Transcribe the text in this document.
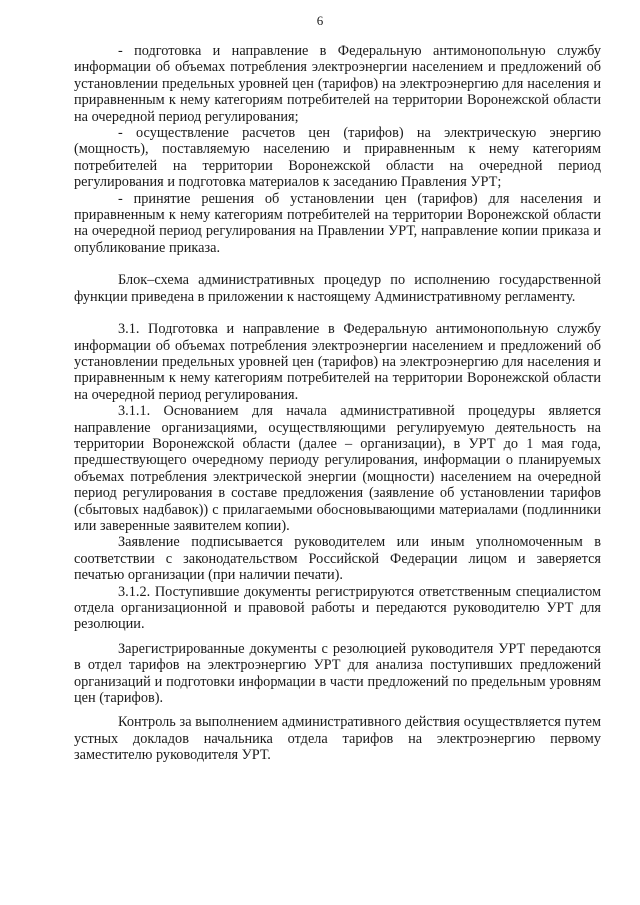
6

- подготовка и направление в Федеральную антимонопольную службу информации об объемах потребления электроэнергии населением и предложений об установлении предельных уровней цен (тарифов) на электроэнергию для населения и приравненным к нему категориям потребителей на территории Воронежской области на очередной период регулирования;

- осуществление расчетов цен (тарифов) на электрическую энергию (мощность), поставляемую населению и приравненным к нему категориям потребителей на территории Воронежской области на очередной период регулирования и подготовка материалов к заседанию Правления УРТ;

- принятие решения об установлении цен (тарифов) для населения и приравненным к нему категориям потребителей на территории Воронежской области на очередной период регулирования на Правлении УРТ, направление копии приказа и опубликование приказа.

Блок–схема административных процедур по исполнению государственной функции приведена в приложении к настоящему Административному регламенту.

3.1. Подготовка и направление в Федеральную антимонопольную службу информации об объемах потребления электроэнергии населением и предложений об установлении предельных уровней цен (тарифов) на электроэнергию для населения и приравненным к нему категориям потребителей на территории Воронежской области на очередной период регулирования.

3.1.1. Основанием для начала административной процедуры является направление организациями, осуществляющими регулируемую деятельность на территории Воронежской области (далее – организации), в УРТ до 1 мая года, предшествующего очередному периоду регулирования, информации о планируемых объемах потребления электрической энергии (мощности) населением на очередной период регулирования в составе предложения (заявление об установлении тарифов (сбытовых надбавок)) с прилагаемыми обосновывающими материалами (подлинники или заверенные заявителем копии).

Заявление подписывается руководителем или иным уполномоченным в соответствии с законодательством Российской Федерации лицом и заверяется печатью организации (при наличии печати).

3.1.2. Поступившие документы регистрируются ответственным специалистом отдела организационной и правовой работы и передаются руководителю УРТ для резолюции.

Зарегистрированные документы с резолюцией руководителя УРТ передаются в отдел тарифов на электроэнергию УРТ для анализа поступивших предложений организаций и подготовки информации в части предложений по предельным уровням цен (тарифов).

Контроль за выполнением административного действия осуществляется путем устных докладов начальника отдела тарифов на электроэнергию первому заместителю руководителя УРТ.
